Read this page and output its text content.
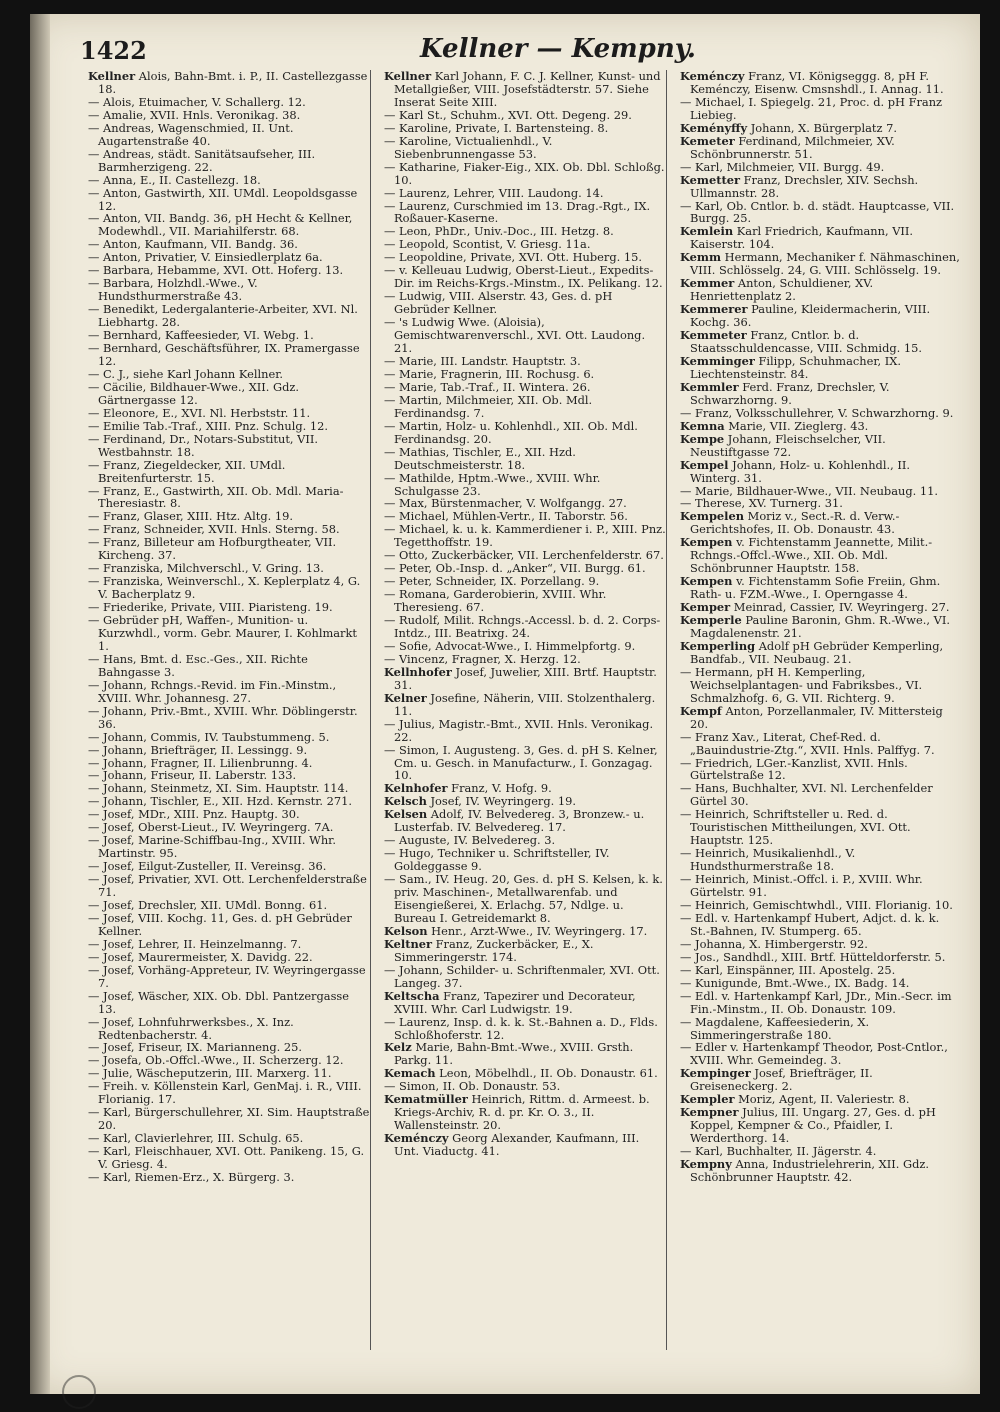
1422	Kellner — Kempny.

Kellner Alois, Bahn-Bmt. i. P., II. Castellezgasse 18.

— Alois, Etuimacher, V. Schallerg. 12.

— Amalie, XVII. Hnls. Veronikag. 38.

— Andreas, Wagenschmied, II. Unt. Augartenstraße 40.

— Andreas, städt. Sanitätsaufseher, III. Barmherzigeng. 22.

— Anna, E., II. Castellezg. 18.

— Anton, Gastwirth, XII. UMdl. Leopoldsgasse 12.

— Anton, VII. Bandg. 36, pH Hecht & Kellner, Modewhdl., VII. Mariahilferstr. 68.

— Anton, Kaufmann, VII. Bandg. 36.

— Anton, Privatier, V. Einsiedlerplatz 6a.

— Barbara, Hebamme, XVI. Ott. Hoferg. 13.

— Barbara, Holzhdl.-Wwe., V. Hundsthurmerstraße 43.

— Benedikt, Ledergalanterie-Arbeiter, XVI. Nl. Liebhartg. 28.

— Bernhard, Kaffeesieder, VI. Webg. 1.

— Bernhard, Geschäftsführer, IX. Pramergasse 12.

— C. J., siehe Karl Johann Kellner.

— Cäcilie, Bildhauer-Wwe., XII. Gdz. Gärtnergasse 12.

— Eleonore, E., XVI. Nl. Herbststr. 11.

— Emilie Tab.-Traf., XIII. Pnz. Schulg. 12.

— Ferdinand, Dr., Notars-Substitut, VII. Westbahnstr. 18.

— Franz, Ziegeldecker, XII. UMdl. Breitenfurterstr. 15.

— Franz, E., Gastwirth, XII. Ob. Mdl. Maria-Theresiastr. 8.

— Franz, Glaser, XIII. Htz. Altg. 19.

— Franz, Schneider, XVII. Hnls. Sterng. 58.

— Franz, Billeteur am Hofburgtheater, VII. Kircheng. 37.

— Franziska, Milchverschl., V. Gring. 13.

— Franziska, Weinverschl., X. Keplerplatz 4, G. V. Bacherplatz 9.

— Friederike, Private, VIII. Piaristeng. 19.

— Gebrüder pH, Waffen-, Munition- u. Kurzwhdl., vorm. Gebr. Maurer, I. Kohlmarkt 1.

— Hans, Bmt. d. Esc.-Ges., XII. Richte Bahngasse 3.

— Johann, Rchngs.-Revid. im Fin.-Minstm., XVIII. Whr. Johannesg. 27.

— Johann, Priv.-Bmt., XVIII. Whr. Döblingerstr. 36.

— Johann, Commis, IV. Taubstummeng. 5.

— Johann, Briefträger, II. Lessingg. 9.

— Johann, Fragner, II. Lilienbrunng. 4.

— Johann, Friseur, II. Laberstr. 133.

— Johann, Steinmetz, XI. Sim. Hauptstr. 114.

— Johann, Tischler, E., XII. Hzd. Kernstr. 271.

— Josef, MDr., XIII. Pnz. Hauptg. 30.

— Josef, Oberst-Lieut., IV. Weyringerg. 7A.

— Josef, Marine-Schiffbau-Ing., XVIII. Whr. Martinstr. 95.

— Josef, Eilgut-Zusteller, II. Vereinsg. 36.

— Josef, Privatier, XVI. Ott. Lerchenfelderstraße 71.

— Josef, Drechsler, XII. UMdl. Bonng. 61.

— Josef, VIII. Kochg. 11, Ges. d. pH Gebrüder Kellner.

— Josef, Lehrer, II. Heinzelmanng. 7.

— Josef, Maurermeister, X. Davidg. 22.

— Josef, Vorhäng-Appreteur, IV. Weyringergasse 7.

— Josef, Wäscher, XIX. Ob. Dbl. Pantzergasse 13.

— Josef, Lohnfuhrwerksbes., X. Inz. Redtenbacherstr. 4.

— Josef, Friseur, IX. Marianneng. 25.

— Josefa, Ob.-Offcl.-Wwe., II. Scherzerg. 12.

— Julie, Wäscheputzerin, III. Marxerg. 11.

— Freih. v. Köllenstein Karl, GenMaj. i. R., VIII. Florianig. 17.

— Karl, Bürgerschullehrer, XI. Sim. Hauptstraße 20.

— Karl, Clavierlehrer, III. Schulg. 65.

— Karl, Fleischhauer, XVI. Ott. Panikeng. 15, G. V. Griesg. 4.

— Karl, Riemen-Erz., X. Bürgerg. 3.

Kellner Karl Johann, F. C. J. Kellner, Kunst- und Metallgießer, VIII. Josefstädterstr. 57. Siehe Inserat Seite XIII.

— Karl St., Schuhm., XVI. Ott. Degeng. 29.

— Karoline, Private, I. Bartensteing. 8.

— Karoline, Victualienhdl., V. Siebenbrunnengasse 53.

— Katharine, Fiaker-Eig., XIX. Ob. Dbl. Schloßg. 10.

— Laurenz, Lehrer, VIII. Laudong. 14.

— Laurenz, Curschmied im 13. Drag.-Rgt., IX. Roßauer-Kaserne.

— Leon, PhDr., Univ.-Doc., III. Hetzg. 8.

— Leopold, Scontist, V. Griesg. 11a.

— Leopoldine, Private, XVI. Ott. Huberg. 15.

— v. Kelleuau Ludwig, Oberst-Lieut., Expedits-Dir. im Reichs-Krgs.-Minstm., IX. Pelikang. 12.

— Ludwig, VIII. Alserstr. 43, Ges. d. pH Gebrüder Kellner.

— 's Ludwig Wwe. (Aloisia), Gemischtwarenverschl., XVI. Ott. Laudong. 21.

— Marie, III. Landstr. Hauptstr. 3.

— Marie, Fragnerin, III. Rochusg. 6.

— Marie, Tab.-Traf., II. Wintera. 26.

— Martin, Milchmeier, XII. Ob. Mdl. Ferdinandsg. 7.

— Martin, Holz- u. Kohlenhdl., XII. Ob. Mdl. Ferdinandsg. 20.

— Mathias, Tischler, E., XII. Hzd. Deutschmeisterstr. 18.

— Mathilde, Hptm.-Wwe., XVIII. Whr. Schulgasse 23.

— Max, Bürstenmacher, V. Wolfgangg. 27.

— Michael, Mühlen-Vertr., II. Taborstr. 56.

— Michael, k. u. k. Kammerdiener i. P., XIII. Pnz. Tegetthoffstr. 19.

— Otto, Zuckerbäcker, VII. Lerchenfelderstr. 67.

— Peter, Ob.-Insp. d. „Anker“, VII. Burgg. 61.

— Peter, Schneider, IX. Porzellang. 9.

— Romana, Garderobierin, XVIII. Whr. Theresieng. 67.

— Rudolf, Milit. Rchngs.-Accessl. b. d. 2. Corps-Intdz., III. Beatrixg. 24.

— Sofie, Advocat-Wwe., I. Himmelpfortg. 9.

— Vincenz, Fragner, X. Herzg. 12.

Kellnhofer Josef, Juwelier, XIII. Brtf. Hauptstr. 31.

Kelner Josefine, Näherin, VIII. Stolzenthalerg. 11.

— Julius, Magistr.-Bmt., XVII. Hnls. Veronikag. 22.

— Simon, I. Augusteng. 3, Ges. d. pH S. Kelner, Cm. u. Gesch. in Manufacturw., I. Gonzagag. 10.

Kelnhofer Franz, V. Hofg. 9.

Kelsch Josef, IV. Weyringerg. 19.

Kelsen Adolf, IV. Belvedereg. 3, Bronzew.- u. Lusterfab. IV. Belvedereg. 17.

— Auguste, IV. Belvedereg. 3.

— Hugo, Techniker u. Schriftsteller, IV. Goldeggasse 9.

— Sam., IV. Heug. 20, Ges. d. pH S. Kelsen, k. k. priv. Maschinen-, Metallwarenfab. und Eisengießerei, X. Erlachg. 57, Ndlge. u. Bureau I. Getreidemarkt 8.

Kelson Henr., Arzt-Wwe., IV. Weyringerg. 17.

Keltner Franz, Zuckerbäcker, E., X. Simmeringerstr. 174.

— Johann, Schilder- u. Schriftenmaler, XVI. Ott. Langeg. 37.

Keltscha Franz, Tapezirer und Decorateur, XVIII. Whr. Carl Ludwigstr. 19.

— Laurenz, Insp. d. k. k. St.-Bahnen a. D., Flds. Schloßhoferstr. 12.

Kelz Marie, Bahn-Bmt.-Wwe., XVIII. Grsth. Parkg. 11.

Kemach Leon, Möbelhdl., II. Ob. Donaustr. 61.

— Simon, II. Ob. Donaustr. 53.

Kematmüller Heinrich, Rittm. d. Armeest. b. Kriegs-Archiv, R. d. pr. Kr. O. 3., II. Wallensteinstr. 20.

Keménczy Georg Alexander, Kaufmann, III. Unt. Viaductg. 41.

Keménczy Franz, VI. Königseggg. 8, pH F. Keménczy, Eisenw. Cmsnshdl., I. Annag. 11.

— Michael, I. Spiegelg. 21, Proc. d. pH Franz Liebieg.

Keményffy Johann, X. Bürgerplatz 7.

Kemeter Ferdinand, Milchmeier, XV. Schönbrunnerstr. 51.

— Karl, Milchmeier, VII. Burgg. 49.

Kemetter Franz, Drechsler, XIV. Sechsh. Ullmannstr. 28.

— Karl, Ob. Cntlor. b. d. städt. Hauptcasse, VII. Burgg. 25.

Kemlein Karl Friedrich, Kaufmann, VII. Kaiserstr. 104.

Kemm Hermann, Mechaniker f. Nähmaschinen, VIII. Schlösselg. 24, G. VIII. Schlösselg. 19.

Kemmer Anton, Schuldiener, XV. Henriettenplatz 2.

Kemmerer Pauline, Kleidermacherin, VIII. Kochg. 36.

Kemmeter Franz, Cntlor. b. d. Staatsschuldencasse, VIII. Schmidg. 15.

Kemminger Filipp, Schuhmacher, IX. Liechtensteinstr. 84.

Kemmler Ferd. Franz, Drechsler, V. Schwarzhorng. 9.

— Franz, Volksschullehrer, V. Schwarzhorng. 9.

Kemna Marie, VII. Zieglerg. 43.

Kempe Johann, Fleischselcher, VII. Neustiftgasse 72.

Kempel Johann, Holz- u. Kohlenhdl., II. Winterg. 31.

— Marie, Bildhauer-Wwe., VII. Neubaug. 11.

— Therese, XV. Turnerg. 31.

Kempelen Moriz v., Sect.-R. d. Verw.-Gerichtshofes, II. Ob. Donaustr. 43.

Kempen v. Fichtenstamm Jeannette, Milit.-Rchngs.-Offcl.-Wwe., XII. Ob. Mdl. Schönbrunner Hauptstr. 158.

Kempen v. Fichtenstamm Sofie Freiin, Ghm. Rath- u. FZM.-Wwe., I. Operngasse 4.

Kemper Meinrad, Cassier, IV. Weyringerg. 27.

Kemperle Pauline Baronin, Ghm. R.-Wwe., VI. Magdalenenstr. 21.

Kemperling Adolf pH Gebrüder Kemperling, Bandfab., VII. Neubaug. 21.

— Hermann, pH H. Kemperling, Weichselplantagen- und Fabriksbes., VI. Schmalzhofg. 6, G. VII. Richterg. 9.

Kempf Anton, Porzellanmaler, IV. Mittersteig 20.

— Franz Xav., Literat, Chef-Red. d. „Bauindustrie-Ztg.“, XVII. Hnls. Palffyg. 7.

— Friedrich, LGer.-Kanzlist, XVII. Hnls. Gürtelstraße 12.

— Hans, Buchhalter, XVI. Nl. Lerchenfelder Gürtel 30.

— Heinrich, Schriftsteller u. Red. d. Touristischen Mittheilungen, XVI. Ott. Hauptstr. 125.

— Heinrich, Musikalienhdl., V. Hundsthurmerstraße 18.

— Heinrich, Minist.-Offcl. i. P., XVIII. Whr. Gürtelstr. 91.

— Heinrich, Gemischtwhdl., VIII. Florianig. 10.

— Edl. v. Hartenkampf Hubert, Adjct. d. k. k. St.-Bahnen, IV. Stumperg. 65.

— Johanna, X. Himbergerstr. 92.

— Jos., Sandhdl., XIII. Brtf. Hütteldorferstr. 5.

— Karl, Einspänner, III. Apostelg. 25.

— Kunigunde, Bmt.-Wwe., IX. Badg. 14.

— Edl. v. Hartenkampf Karl, JDr., Min.-Secr. im Fin.-Minstm., II. Ob. Donaustr. 109.

— Magdalene, Kaffeesiederin, X. Simmeringerstraße 180.

— Edler v. Hartenkampf Theodor, Post-Cntlor., XVIII. Whr. Gemeindeg. 3.

Kempinger Josef, Briefträger, II. Greiseneckerg. 2.

Kempler Moriz, Agent, II. Valeriestr. 8.

Kempner Julius, III. Ungarg. 27, Ges. d. pH Koppel, Kempner & Co., Pfaidler, I. Werderthorg. 14.

— Karl, Buchhalter, II. Jägerstr. 4.

Kempny Anna, Industrielehrerin, XII. Gdz. Schönbrunner Hauptstr. 42.
